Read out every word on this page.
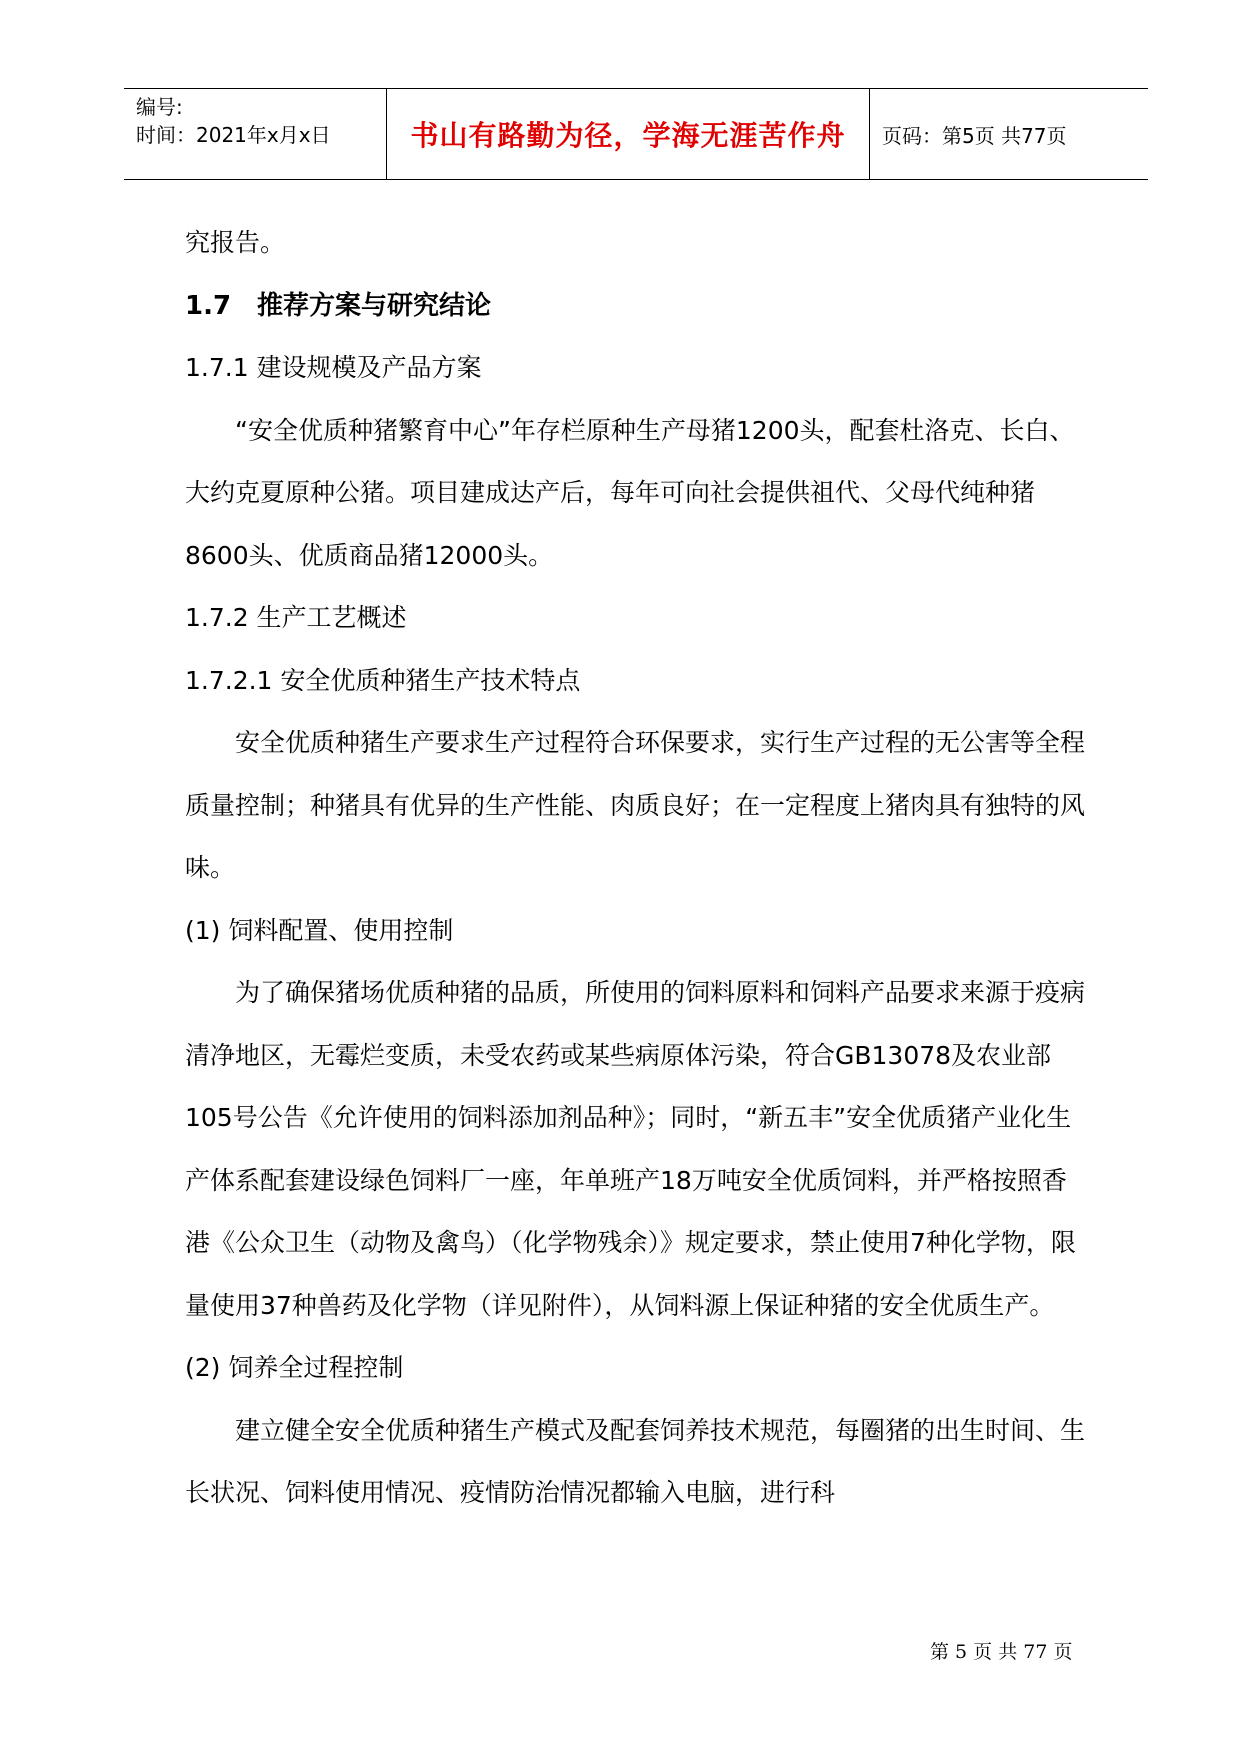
编号:
时间：2021年x月x日	书山有路勤为径，学海无涯苦作舟	页码：第5页 共77页

究报告。

1.7　推荐方案与研究结论

1.7.1 建设规模及产品方案

“安全优质种猪繁育中心”年存栏原种生产母猪1200头，配套杜洛克、长白、大约克夏原种公猪。项目建成达产后，每年可向社会提供祖代、父母代纯种猪8600头、优质商品猪12000头。

1.7.2 生产工艺概述

1.7.2.1 安全优质种猪生产技术特点

安全优质种猪生产要求生产过程符合环保要求，实行生产过程的无公害等全程质量控制；种猪具有优异的生产性能、肉质良好；在一定程度上猪肉具有独特的风味。

(1) 饲料配置、使用控制

为了确保猪场优质种猪的品质，所使用的饲料原料和饲料产品要求来源于疫病清净地区，无霉烂变质，未受农药或某些病原体污染，符合GB13078及农业部105号公告《允许使用的饲料添加剂品种》；同时，“新五丰”安全优质猪产业化生产体系配套建设绿色饲料厂一座，年单班产18万吨安全优质饲料，并严格按照香港《公众卫生（动物及禽鸟）（化学物残余）》规定要求，禁止使用7种化学物，限量使用37种兽药及化学物（详见附件），从饲料源上保证种猪的安全优质生产。

(2) 饲养全过程控制

建立健全安全优质种猪生产模式及配套饲养技术规范，每圈猪的出生时间、生长状况、饲料使用情况、疫情防治情况都输入电脑，进行科

第 5 页 共 77 页
